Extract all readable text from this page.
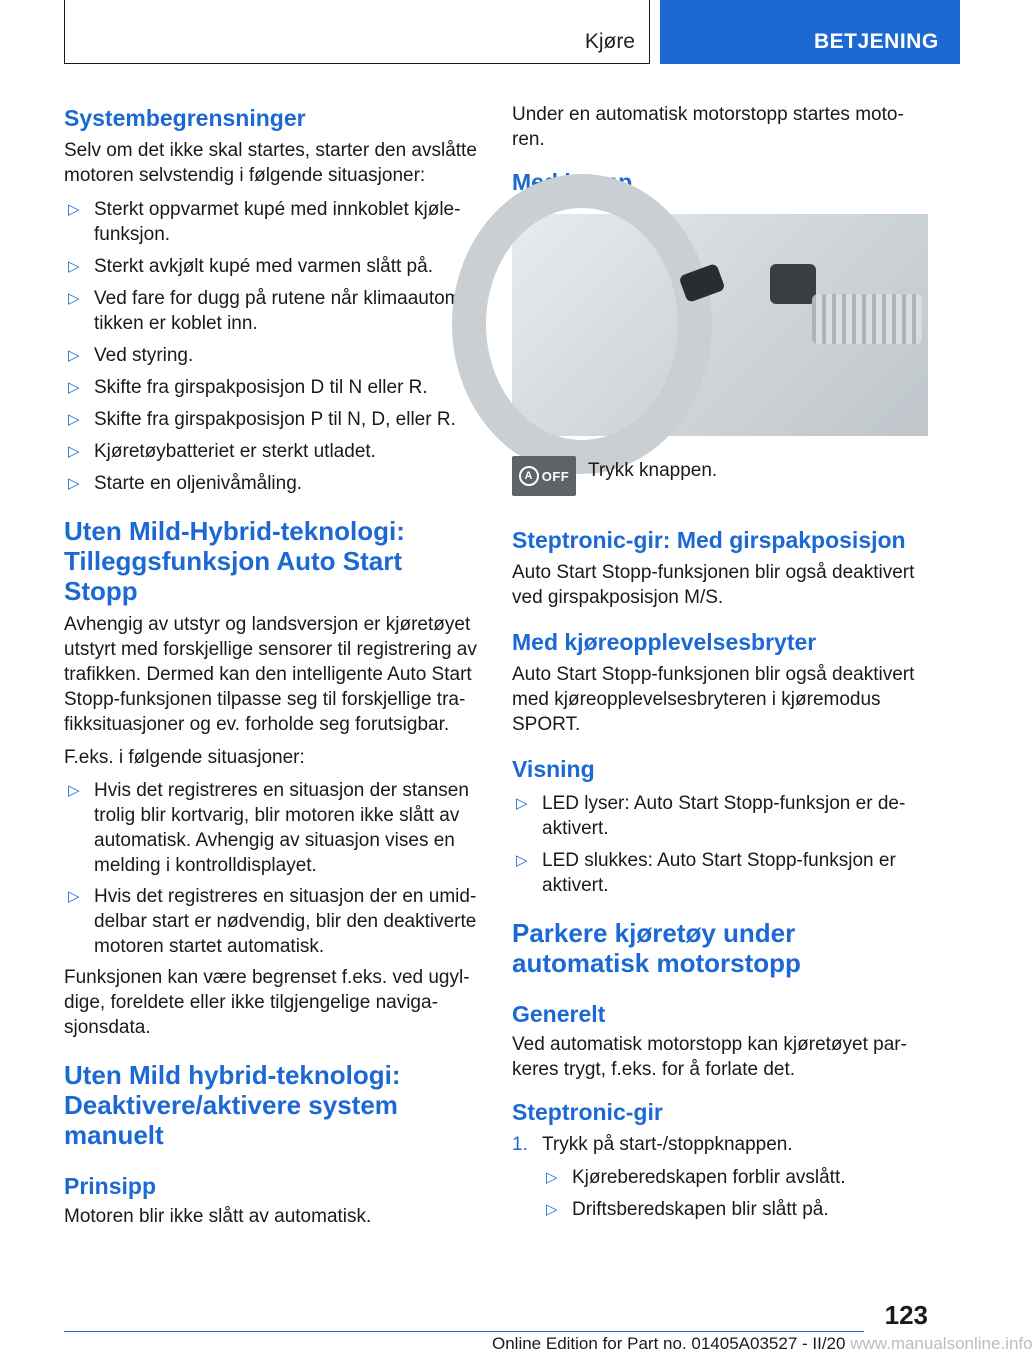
Kjøre	BETJENING
Systembegrensninger

Selv om det ikke skal startes, starter den avslåtte motoren selvstendig i følgende situasjoner:

▷ Sterkt oppvarmet kupé med innkoblet kjøle-funksjon.
▷ Sterkt avkjølt kupé med varmen slått på.
▷ Ved fare for dugg på rutene når klimaautoma-tikken er koblet inn.
▷ Ved styring.
▷ Skifte fra girspakposisjon D til N eller R.
▷ Skifte fra girspakposisjon P til N, D, eller R.
▷ Kjøretøybatteriet er sterkt utladet.
▷ Starte en oljenivåmåling.
Uten Mild-Hybrid-teknologi: Tilleggsfunksjon Auto Start Stopp

Avhengig av utstyr og landsversjon er kjøretøyet utstyrt med forskjellige sensorer til registrering av trafikken. Dermed kan den intelligente Auto Start Stopp-funksjonen tilpasse seg til forskjellige tra-fikksituasjoner og ev. forholde seg forutsigbar.

F.eks. i følgende situasjoner:

▷ Hvis det registreres en situasjon der stansen trolig blir kortvarig, blir motoren ikke slått av automatisk. Avhengig av situasjon vises en melding i kontrolldisplayet.
▷ Hvis det registreres en situasjon der en umid-delbar start er nødvendig, blir den deaktiverte motoren startet automatisk.

Funksjonen kan være begrenset f.eks. ved ugyl-dige, foreldete eller ikke tilgjengelige naviga-sjonsdata.

Uten Mild hybrid-teknologi: Deaktivere/aktivere system manuelt
Prinsipp

Motoren blir ikke slått av automatisk.

Under en automatisk motorstopp startes moto-ren.

Med knapp
A OFF Trykk knappen.
Steptronic-gir: Med girspakposisjon

Auto Start Stopp-funksjonen blir også deaktivert ved girspakposisjon M/S.

Med kjøreopplevelsesbryter

Auto Start Stopp-funksjonen blir også deaktivert med kjøreopplevelsesbryteren i kjøremodus SPORT.

Visning
▷ LED lyser: Auto Start Stopp-funksjon er de-aktivert.
▷ LED slukkes: Auto Start Stopp-funksjon er aktivert.
Parkere kjøretøy under automatisk motorstopp
Generelt

Ved automatisk motorstopp kan kjøretøyet par-keres trygt, f.eks. for å forlate det.

Steptronic-gir
1. Trykk på start-/stoppknappen.
▷ Kjøreberedskapen forblir avslått.
▷ Driftsberedskapen blir slått på.
123
Online Edition for Part no. 01405A03527 - II/20 www.manualsonline.info
